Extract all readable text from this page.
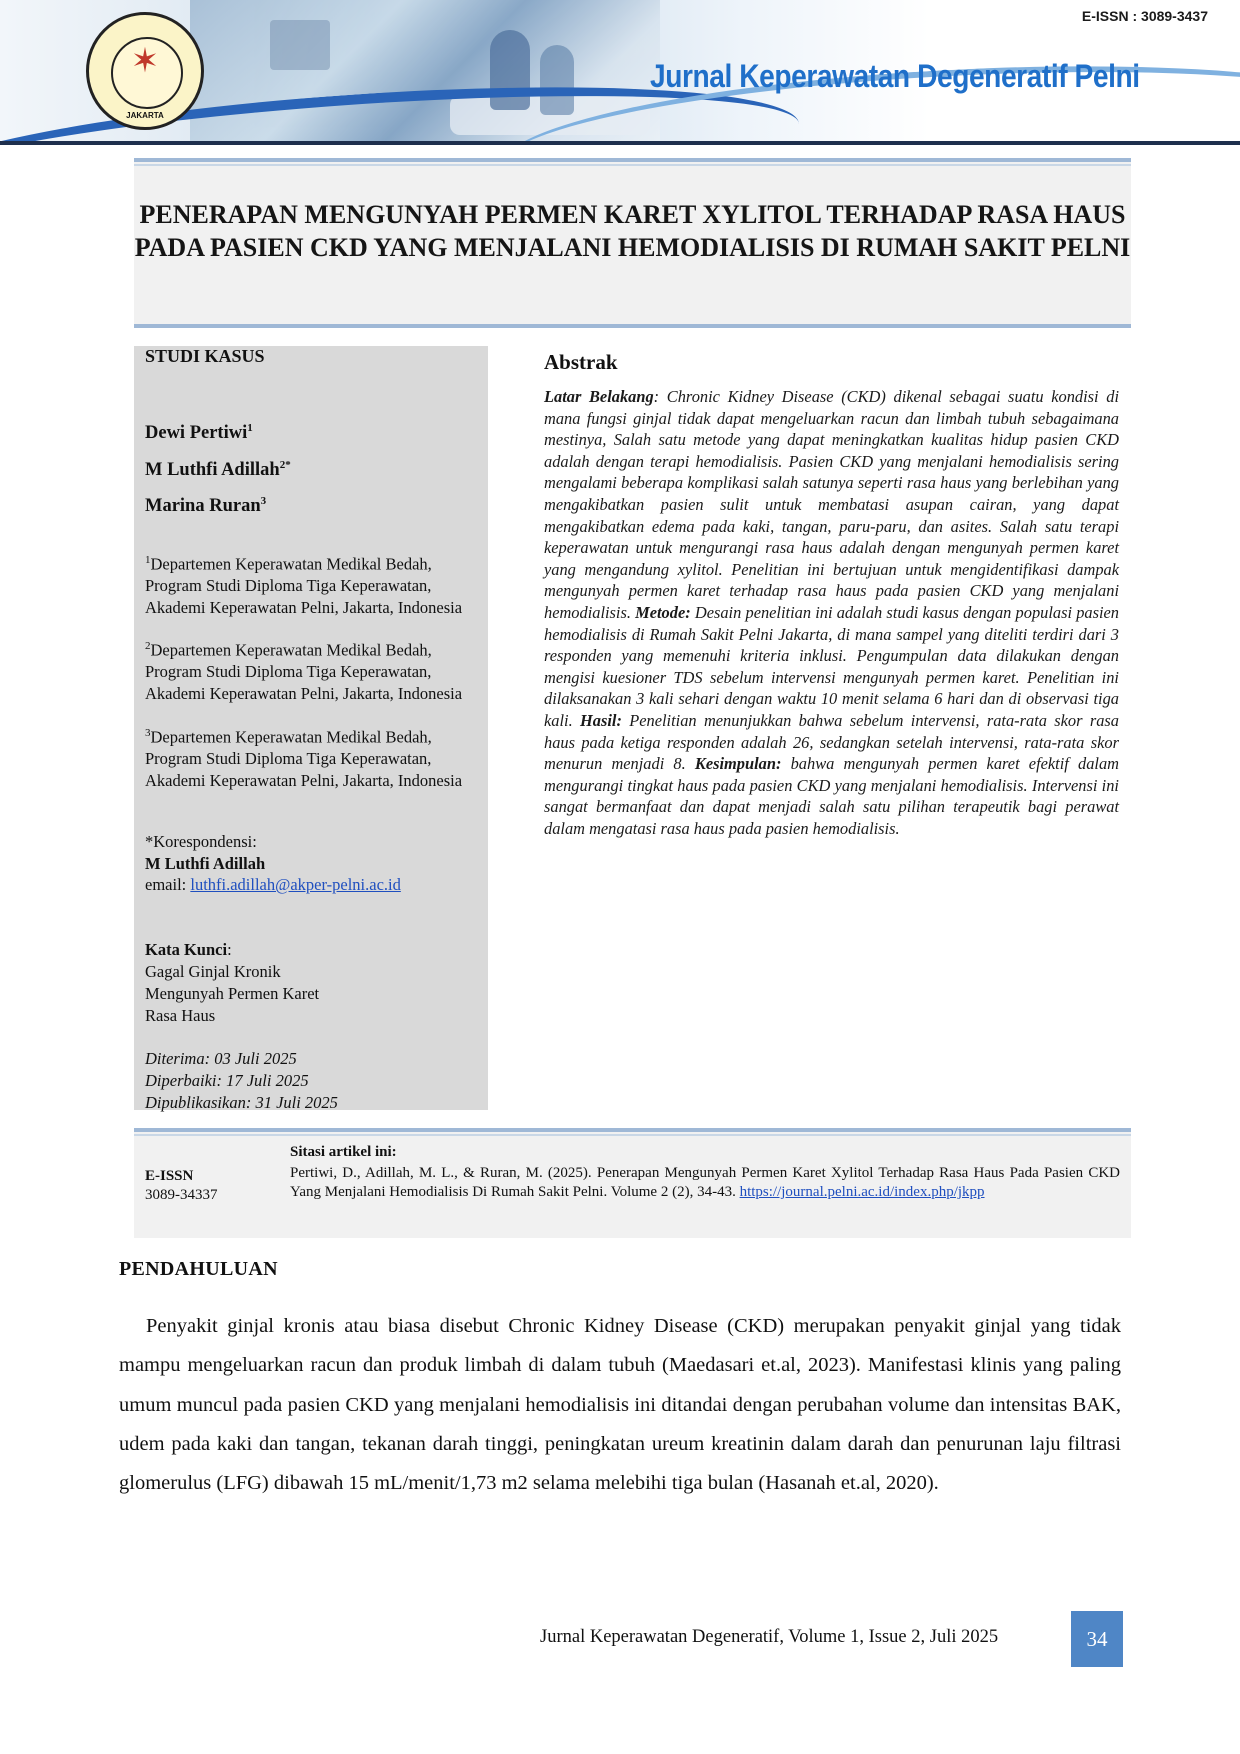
✶
JAKARTA
E-ISSN : 3089-3437
Jurnal Keperawatan Degeneratif Pelni
PENERAPAN MENGUNYAH PERMEN KARET XYLITOL TERHADAP RASA HAUS PADA PASIEN CKD YANG MENJALANI HEMODIALISIS DI RUMAH SAKIT PELNI
STUDI KASUS
Dewi Pertiwi$^1$
M Luthfi Adillah$^{2*}$
Marina Ruran$^3$
$^1$Departemen Keperawatan Medikal Bedah, Program Studi Diploma Tiga Keperawatan, Akademi Keperawatan Pelni, Jakarta, Indonesia
$^2$Departemen Keperawatan Medikal Bedah, Program Studi Diploma Tiga Keperawatan, Akademi Keperawatan Pelni, Jakarta, Indonesia
$^3$Departemen Keperawatan Medikal Bedah, Program Studi Diploma Tiga Keperawatan, Akademi Keperawatan Pelni, Jakarta, Indonesia
*Korespondensi:
M Luthfi Adillah
email: luthfi.adillah@akper-pelni.ac.id
Kata Kunci:
Gagal Ginjal Kronik
Mengunyah Permen Karet
Rasa Haus
Diterima: 03 Juli 2025
Diperbaiki: 17 Juli 2025
Dipublikasikan: 31 Juli 2025
Abstrak
Latar Belakang: Chronic Kidney Disease (CKD) dikenal sebagai suatu kondisi di mana fungsi ginjal tidak dapat mengeluarkan racun dan limbah tubuh sebagaimana mestinya, Salah satu metode yang dapat meningkatkan kualitas hidup pasien CKD adalah dengan terapi hemodialisis. Pasien CKD yang menjalani hemodialisis sering mengalami beberapa komplikasi salah satunya seperti rasa haus yang berlebihan yang mengakibatkan pasien sulit untuk membatasi asupan cairan, yang dapat mengakibatkan edema pada kaki, tangan, paru-paru, dan asites. Salah satu terapi keperawatan untuk mengurangi rasa haus adalah dengan mengunyah permen karet yang mengandung xylitol. Penelitian ini bertujuan untuk mengidentifikasi dampak mengunyah permen karet terhadap rasa haus pada pasien CKD yang menjalani hemodialisis. Metode: Desain penelitian ini adalah studi kasus dengan populasi pasien hemodialisis di Rumah Sakit Pelni Jakarta, di mana sampel yang diteliti terdiri dari 3 responden yang memenuhi kriteria inklusi. Pengumpulan data dilakukan dengan mengisi kuesioner TDS sebelum intervensi mengunyah permen karet. Penelitian ini dilaksanakan 3 kali sehari dengan waktu 10 menit selama 6 hari dan di observasi tiga kali. Hasil: Penelitian menunjukkan bahwa sebelum intervensi, rata-rata skor rasa haus pada ketiga responden adalah 26, sedangkan setelah intervensi, rata-rata skor menurun menjadi 8. Kesimpulan: bahwa mengunyah permen karet efektif dalam mengurangi tingkat haus pada pasien CKD yang menjalani hemodialisis. Intervensi ini sangat bermanfaat dan dapat menjadi salah satu pilihan terapeutik bagi perawat dalam mengatasi rasa haus pada pasien hemodialisis.
E-ISSN
3089-34337
Sitasi artikel ini:
Pertiwi, D., Adillah, M. L., & Ruran, M. (2025). Penerapan Mengunyah Permen Karet Xylitol Terhadap Rasa Haus Pada Pasien CKD Yang Menjalani Hemodialisis Di Rumah Sakit Pelni. Volume 2 (2), 34-43. https://journal.pelni.ac.id/index.php/jkpp
PENDAHULUAN
Penyakit ginjal kronis atau biasa disebut Chronic Kidney Disease (CKD) merupakan penyakit ginjal yang tidak mampu mengeluarkan racun dan produk limbah di dalam tubuh (Maedasari et.al, 2023). Manifestasi klinis yang paling umum muncul pada pasien CKD yang menjalani hemodialisis ini ditandai dengan perubahan volume dan intensitas BAK, udem pada kaki dan tangan, tekanan darah tinggi, peningkatan ureum kreatinin dalam darah dan penurunan laju filtrasi glomerulus (LFG) dibawah 15 mL/menit/1,73 m2 selama melebihi tiga bulan (Hasanah et.al, 2020).
Jurnal Keperawatan Degeneratif, Volume 1, Issue 2, Juli 2025	34
